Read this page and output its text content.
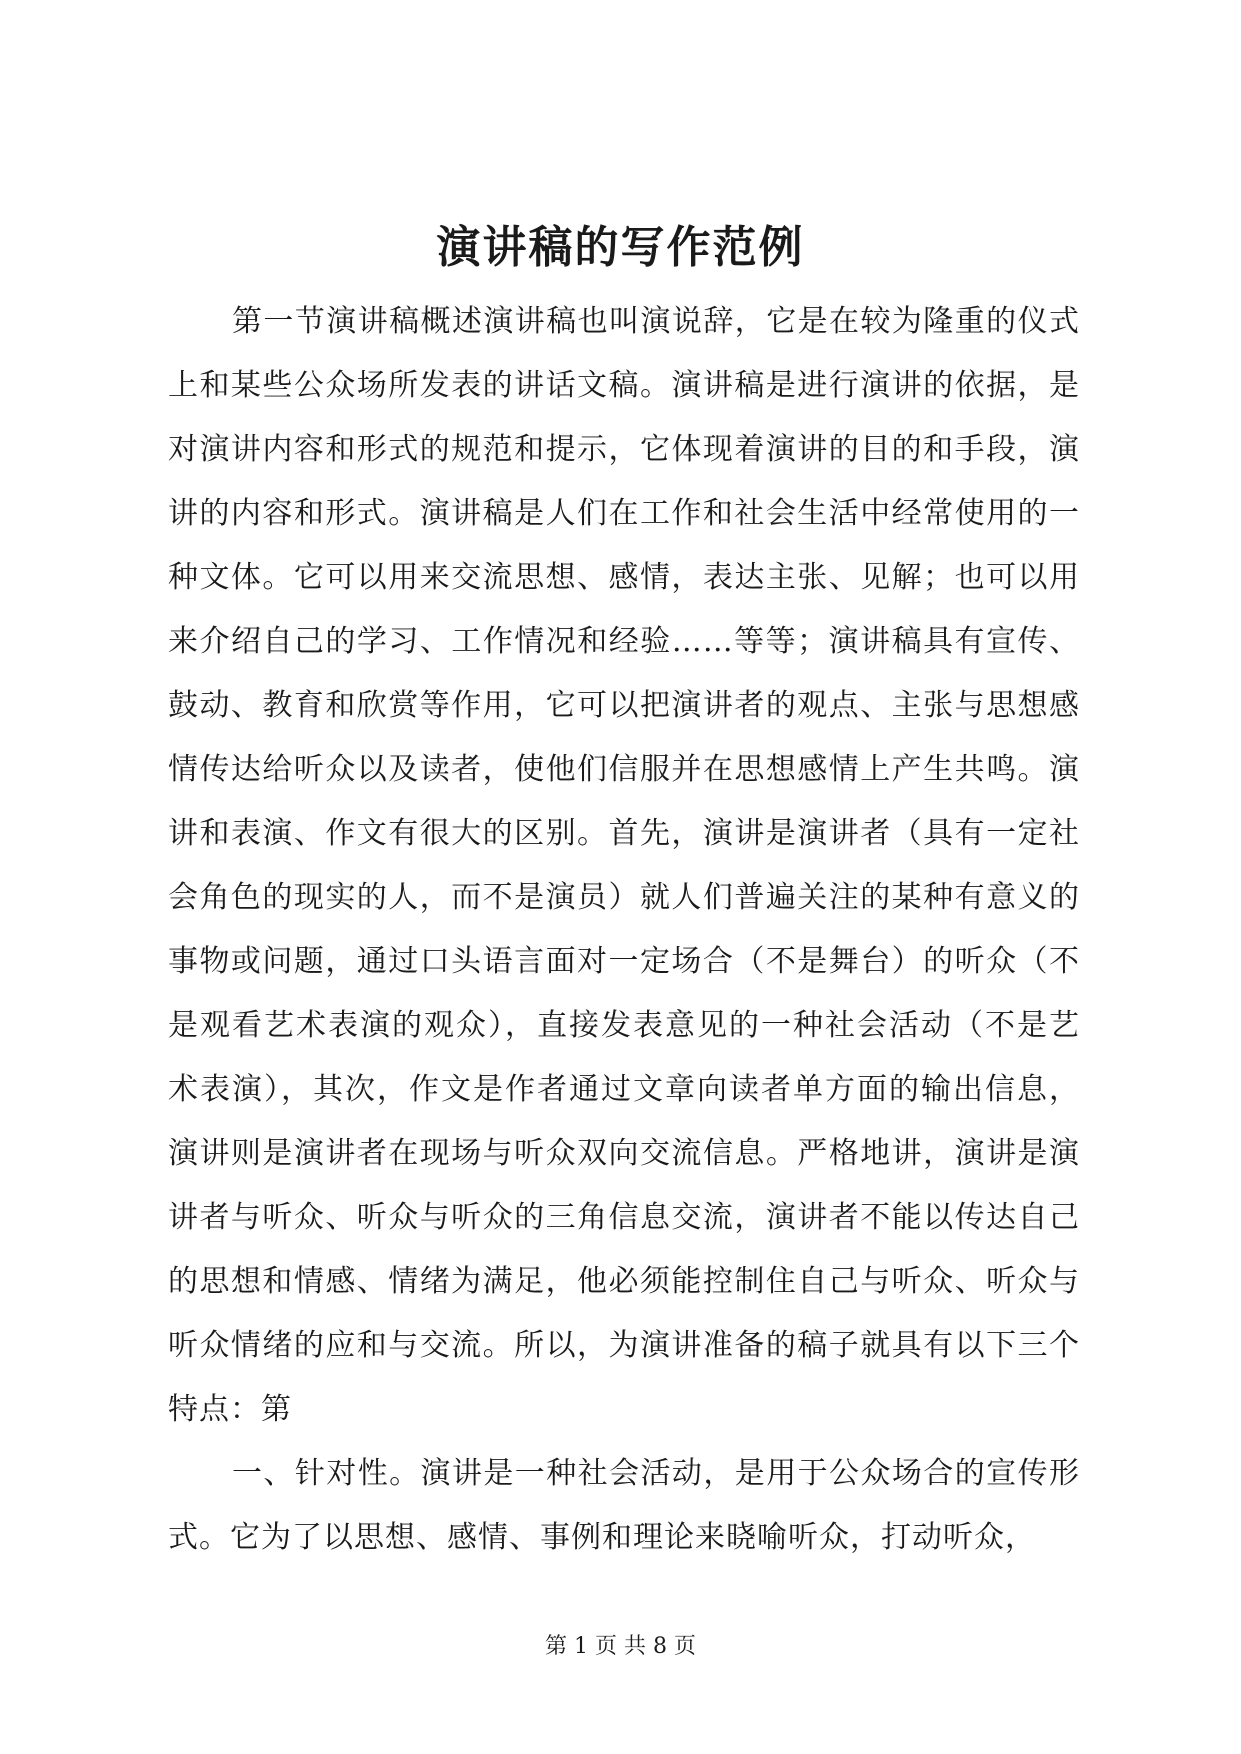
演讲稿的写作范例

第一节演讲稿概述演讲稿也叫演说辞，它是在较为隆重的仪式上和某些公众场所发表的讲话文稿。演讲稿是进行演讲的依据，是对演讲内容和形式的规范和提示，它体现着演讲的目的和手段，演讲的内容和形式。演讲稿是人们在工作和社会生活中经常使用的一种文体。它可以用来交流思想、感情，表达主张、见解；也可以用来介绍自己的学习、工作情况和经验……等等；演讲稿具有宣传、鼓动、教育和欣赏等作用，它可以把演讲者的观点、主张与思想感情传达给听众以及读者，使他们信服并在思想感情上产生共鸣。演讲和表演、作文有很大的区别。首先，演讲是演讲者（具有一定社会角色的现实的人，而不是演员）就人们普遍关注的某种有意义的事物或问题，通过口头语言面对一定场合（不是舞台）的听众（不是观看艺术表演的观众），直接发表意见的一种社会活动（不是艺术表演），其次，作文是作者通过文章向读者单方面的输出信息，演讲则是演讲者在现场与听众双向交流信息。严格地讲，演讲是演讲者与听众、听众与听众的三角信息交流，演讲者不能以传达自己的思想和情感、情绪为满足，他必须能控制住自己与听众、听众与听众情绪的应和与交流。所以，为演讲准备的稿子就具有以下三个特点：第

一、针对性。演讲是一种社会活动，是用于公众场合的宣传形式。它为了以思想、感情、事例和理论来晓喻听众，打动听众，

第 1 页 共 8 页
